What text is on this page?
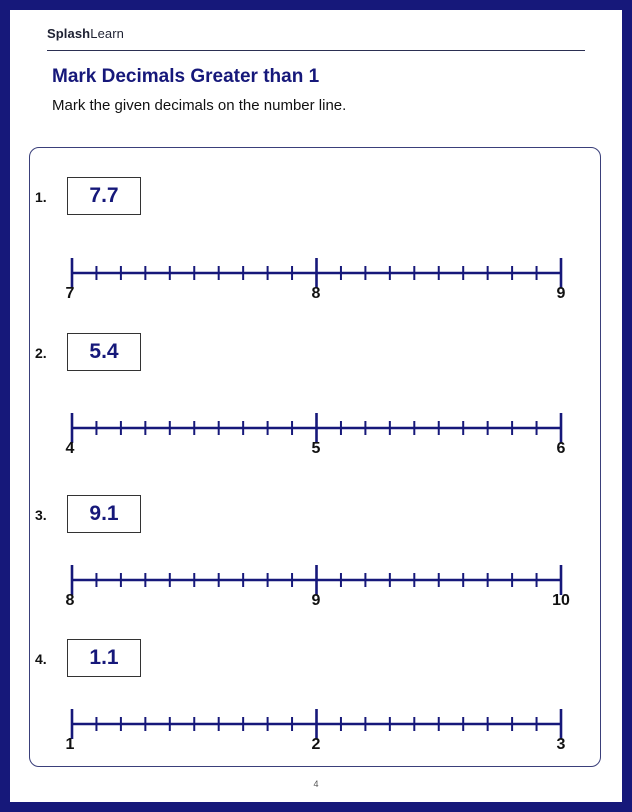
SplashLearn
Mark Decimals Greater than 1
Mark the given decimals on the number line.
1.	7.7
7	8	9
2.	5.4
4	5	6
3.	9.1
8	9	10
4.	1.1
1	2	3
4
